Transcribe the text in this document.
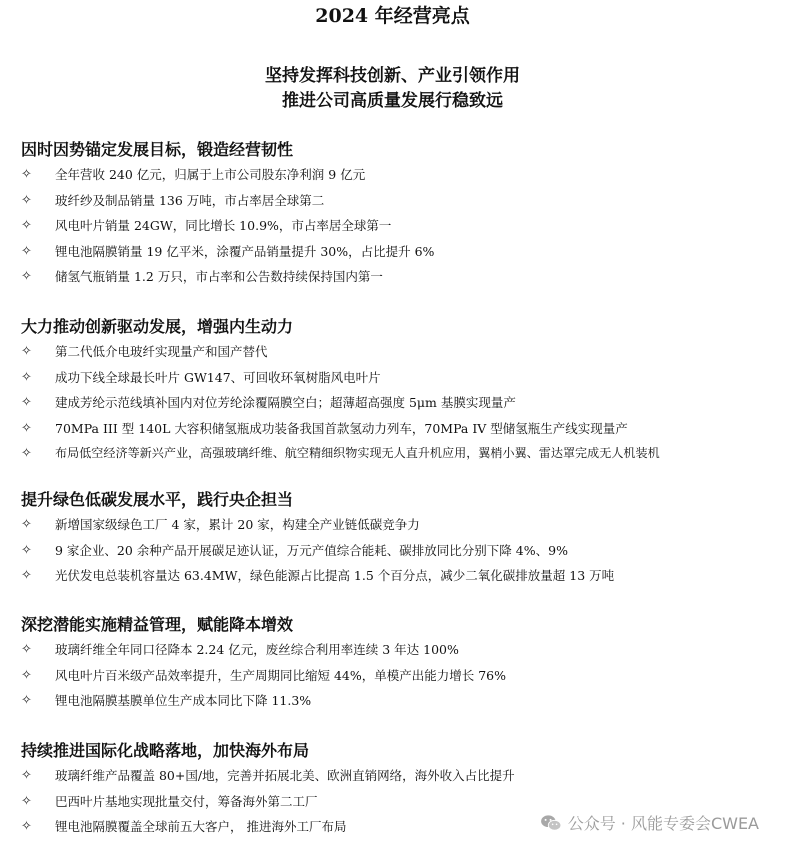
2024 年经营亮点
坚持发挥科技创新、产业引领作用
推进公司高质量发展行稳致远
因时因势锚定发展目标，锻造经营韧性
✧	全年营收 240 亿元，归属于上市公司股东净利润 9 亿元
✧	玻纤纱及制品销量 136 万吨，市占率居全球第二
✧	风电叶片销量 24GW，同比增长 10.9%，市占率居全球第一
✧	锂电池隔膜销量 19 亿平米，涂覆产品销量提升 30%，占比提升 6%
✧	储氢气瓶销量 1.2 万只，市占率和公告数持续保持国内第一
大力推动创新驱动发展，增强内生动力
✧	第二代低介电玻纤实现量产和国产替代
✧	成功下线全球最长叶片 GW147、可回收环氧树脂风电叶片
✧	建成芳纶示范线填补国内对位芳纶涂覆隔膜空白；超薄超高强度 5μm 基膜实现量产
✧	70MPa III 型 140L 大容积储氢瓶成功装备我国首款氢动力列车，70MPa IV 型储氢瓶生产线实现量产
✧	布局低空经济等新兴产业，高强玻璃纤维、航空精细织物实现无人直升机应用，翼梢小翼、雷达罩完成无人机装机
提升绿色低碳发展水平，践行央企担当
✧	新增国家级绿色工厂 4 家，累计 20 家，构建全产业链低碳竞争力
✧	9 家企业、20 余种产品开展碳足迹认证，万元产值综合能耗、碳排放同比分别下降 4%、9%
✧	光伏发电总装机容量达 63.4MW，绿色能源占比提高 1.5 个百分点，减少二氧化碳排放量超 13 万吨
深挖潜能实施精益管理，赋能降本增效
✧	玻璃纤维全年同口径降本 2.24 亿元，废丝综合利用率连续 3 年达 100%
✧	风电叶片百米级产品效率提升，生产周期同比缩短 44%，单模产出能力增长 76%
✧	锂电池隔膜基膜单位生产成本同比下降 11.3%
持续推进国际化战略落地，加快海外布局
✧	玻璃纤维产品覆盖 80+国/地，完善并拓展北美、欧洲直销网络，海外收入占比提升
✧	巴西叶片基地实现批量交付，筹备海外第二工厂
✧	锂电池隔膜覆盖全球前五大客户， 推进海外工厂布局	公众号 · 风能专委会CWEA
